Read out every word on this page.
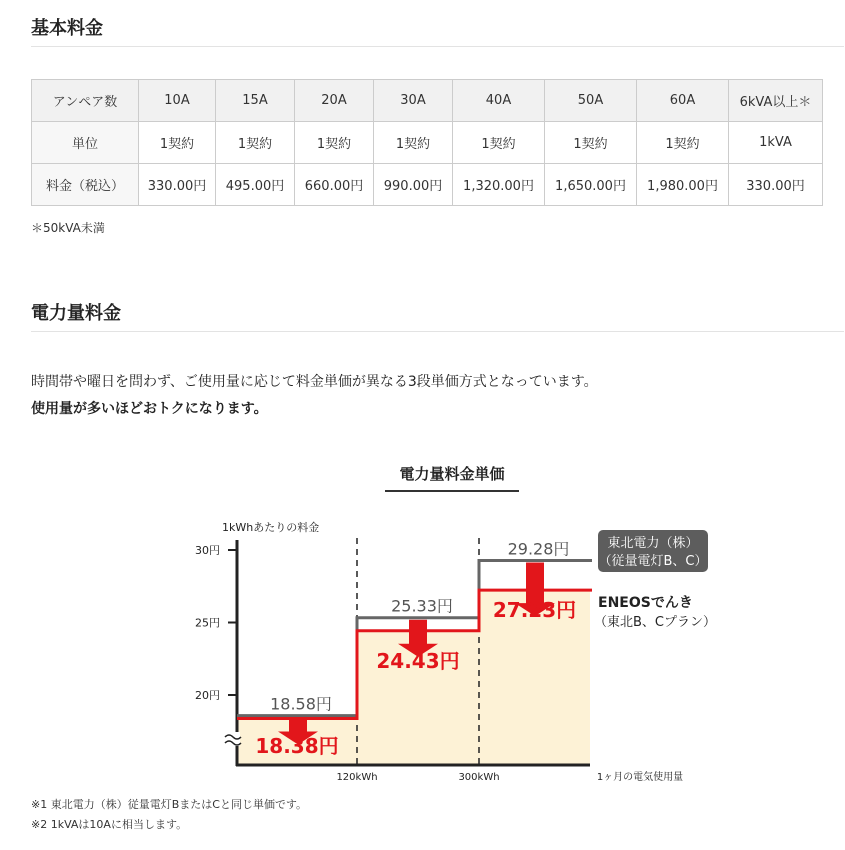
基本料金
アンペア数	10A	15A	20A	30A	40A	50A	60A	6kVA以上＊
単位	1契約	1契約	1契約	1契約	1契約	1契約	1契約	1kVA
料金（税込）	330.00円	495.00円	660.00円	990.00円	1,320.00円	1,650.00円	1,980.00円	330.00円
＊50kVA未満
電力量料金
時間帯や曜日を問わず、ご使用量に応じて料金単価が異なる3段単価方式となっています。
使用量が多いほどおトクになります。
電力量料金単価
20円
25円
30円
1kWhあたりの料金
120kWh	300kWh	1ヶ月の電気使用量
18.58円
18.38円
25.33円
24.43円
29.28円
27.23円
東北電力（株）
（従量電灯B、C）
ENEOSでんき
（東北B、Cプラン）
※1 東北電力（株）従量電灯BまたはCと同じ単価です。
※2 1kVAは10Aに相当します。
